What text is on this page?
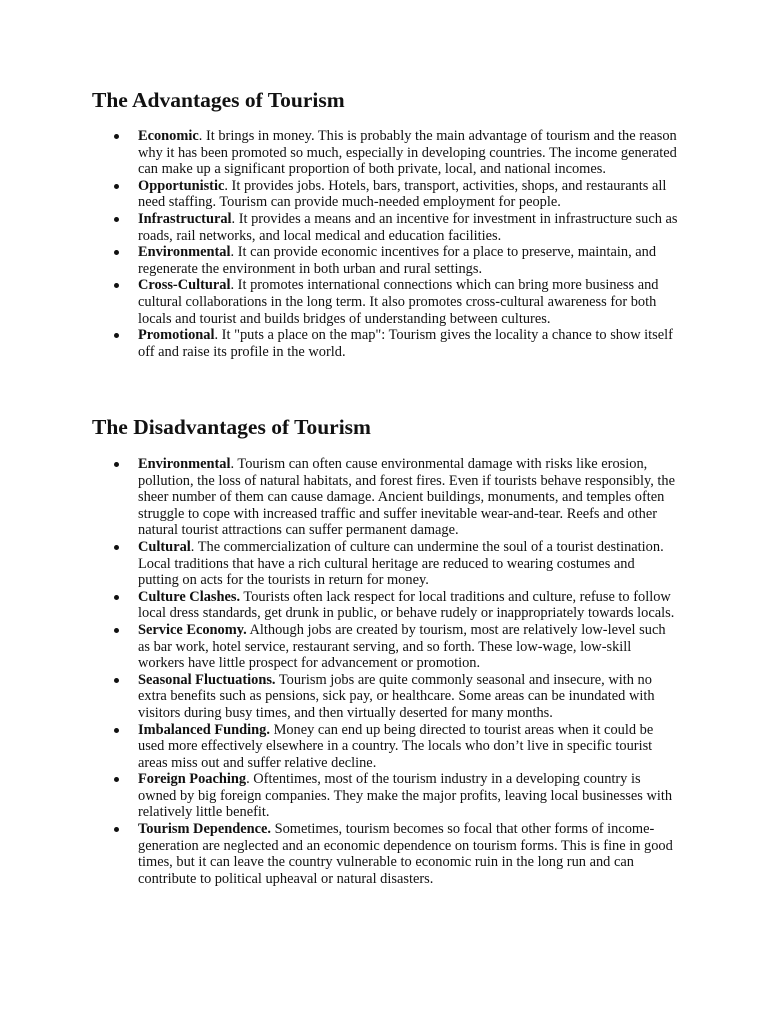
The Advantages of Tourism
Economic. It brings in money. This is probably the main advantage of tourism and the reason why it has been promoted so much, especially in developing countries. The income generated can make up a significant proportion of both private, local, and national incomes.
Opportunistic. It provides jobs. Hotels, bars, transport, activities, shops, and restaurants all need staffing. Tourism can provide much-needed employment for people.
Infrastructural. It provides a means and an incentive for investment in infrastructure such as roads, rail networks, and local medical and education facilities.
Environmental. It can provide economic incentives for a place to preserve, maintain, and regenerate the environment in both urban and rural settings.
Cross-Cultural. It promotes international connections which can bring more business and cultural collaborations in the long term. It also promotes cross-cultural awareness for both locals and tourist and builds bridges of understanding between cultures.
Promotional. It "puts a place on the map": Tourism gives the locality a chance to show itself off and raise its profile in the world.
The Disadvantages of Tourism
Environmental. Tourism can often cause environmental damage with risks like erosion, pollution, the loss of natural habitats, and forest fires. Even if tourists behave responsibly, the sheer number of them can cause damage. Ancient buildings, monuments, and temples often struggle to cope with increased traffic and suffer inevitable wear-and-tear. Reefs and other natural tourist attractions can suffer permanent damage.
Cultural. The commercialization of culture can undermine the soul of a tourist destination. Local traditions that have a rich cultural heritage are reduced to wearing costumes and putting on acts for the tourists in return for money.
Culture Clashes. Tourists often lack respect for local traditions and culture, refuse to follow local dress standards, get drunk in public, or behave rudely or inappropriately towards locals.
Service Economy. Although jobs are created by tourism, most are relatively low-level such as bar work, hotel service, restaurant serving, and so forth. These low-wage, low-skill workers have little prospect for advancement or promotion.
Seasonal Fluctuations. Tourism jobs are quite commonly seasonal and insecure, with no extra benefits such as pensions, sick pay, or healthcare. Some areas can be inundated with visitors during busy times, and then virtually deserted for many months.
Imbalanced Funding. Money can end up being directed to tourist areas when it could be used more effectively elsewhere in a country. The locals who don’t live in specific tourist areas miss out and suffer relative decline.
Foreign Poaching. Oftentimes, most of the tourism industry in a developing country is owned by big foreign companies. They make the major profits, leaving local businesses with relatively little benefit.
Tourism Dependence. Sometimes, tourism becomes so focal that other forms of income-generation are neglected and an economic dependence on tourism forms. This is fine in good times, but it can leave the country vulnerable to economic ruin in the long run and can contribute to political upheaval or natural disasters.
